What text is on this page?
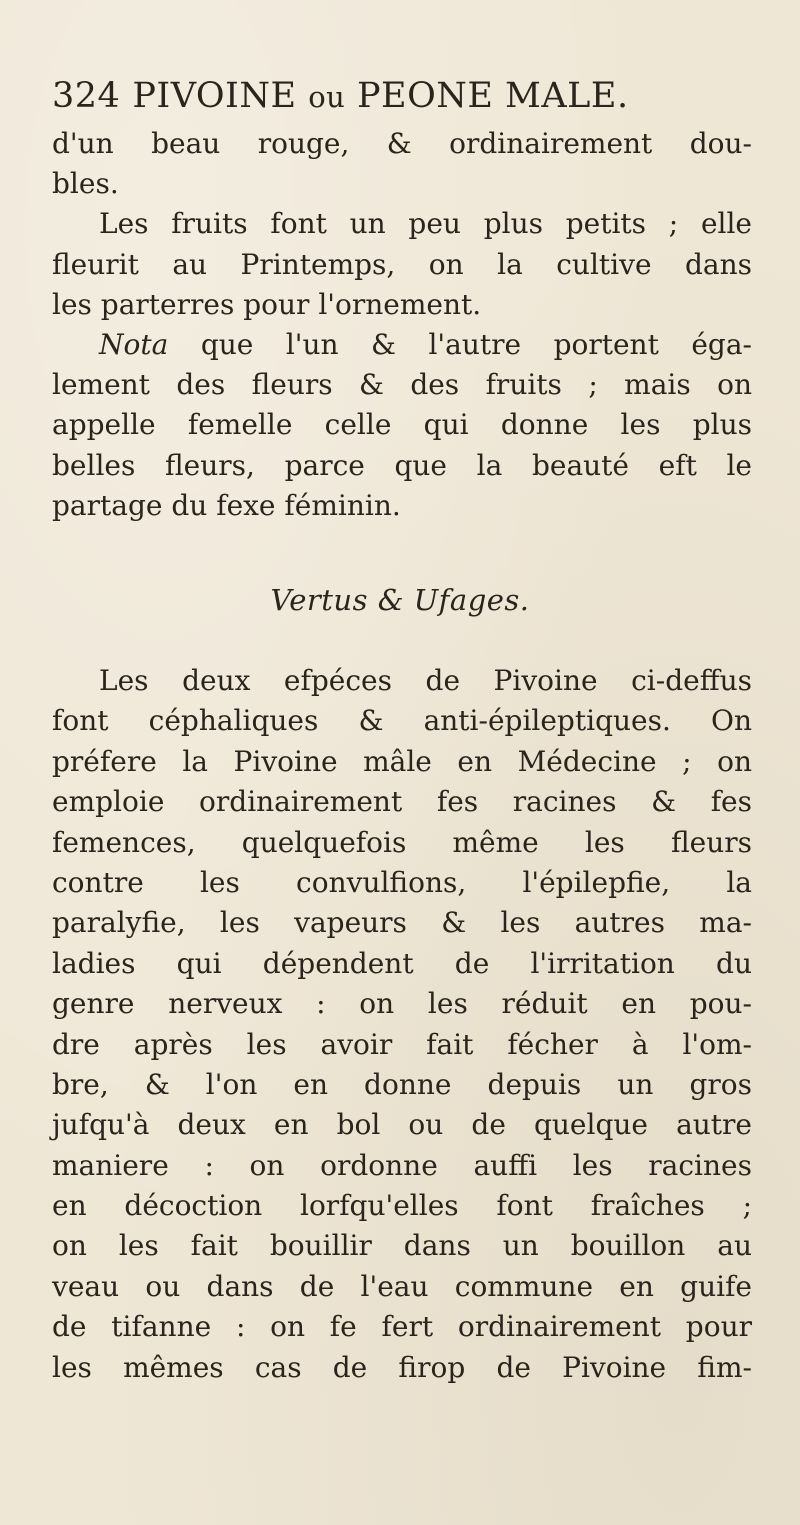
324 PIVOINE ou PEONE MALE.
d'un beau rouge, & ordinairement dou-
bles.
Les fruits font un peu plus petits ; elle
fleurit au Printemps, on la cultive dans
les parterres pour l'ornement.
Nota que l'un & l'autre portent éga-
lement des fleurs & des fruits ; mais on
appelle femelle celle qui donne les plus
belles fleurs, parce que la beauté eft le
partage du fexe féminin.
Vertus & Ufages.
Les deux efpéces de Pivoine ci-deffus
font céphaliques & anti-épileptiques. On
préfere la Pivoine mâle en Médecine ; on
emploie ordinairement fes racines & fes
femences, quelquefois même les fleurs
contre les convulfions, l'épilepfie, la
paralyfie, les vapeurs & les autres ma-
ladies qui dépendent de l'irritation du
genre nerveux : on les réduit en pou-
dre après les avoir fait fécher à l'om-
bre, & l'on en donne depuis un gros
jufqu'à deux en bol ou de quelque autre
maniere : on ordonne auffi les racines
en décoction lorfqu'elles font fraîches ;
on les fait bouillir dans un bouillon au
veau ou dans de l'eau commune en guife
de tifanne : on fe fert ordinairement pour
les mêmes cas de firop de Pivoine fim-
